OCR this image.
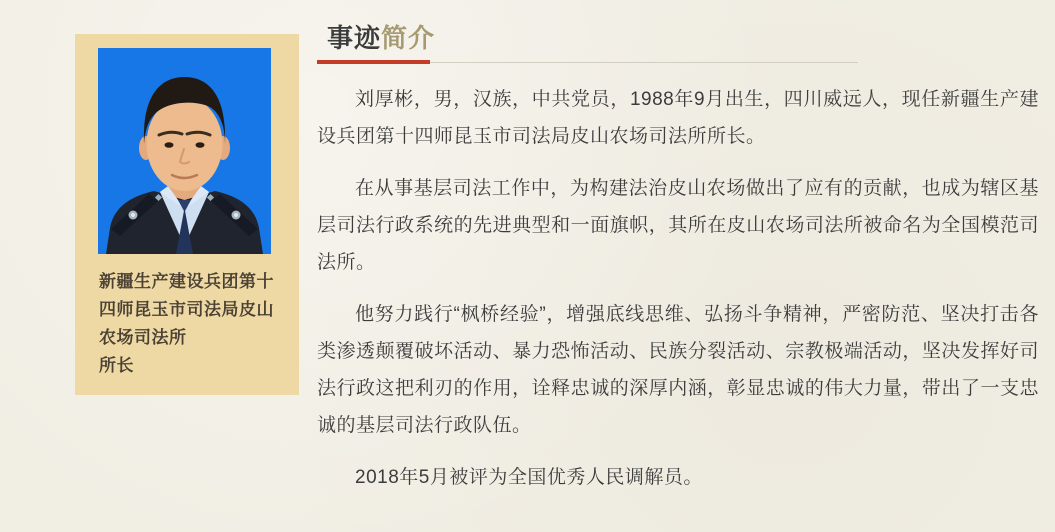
新疆生产建设兵团第十四师昆玉市司法局皮山农场司法所
所长
事迹简介

刘厚彬，男，汉族，中共党员，1988年9月出生，四川威远人，现任新疆生产建设兵团第十四师昆玉市司法局皮山农场司法所所长。

在从事基层司法工作中，为构建法治皮山农场做出了应有的贡献，也成为辖区基层司法行政系统的先进典型和一面旗帜，其所在皮山农场司法所被命名为全国模范司法所。

他努力践行“枫桥经验”，增强底线思维、弘扬斗争精神，严密防范、坚决打击各类渗透颠覆破坏活动、暴力恐怖活动、民族分裂活动、宗教极端活动，坚决发挥好司法行政这把利刃的作用，诠释忠诚的深厚内涵，彰显忠诚的伟大力量，带出了一支忠诚的基层司法行政队伍。

2018年5月被评为全国优秀人民调解员。
